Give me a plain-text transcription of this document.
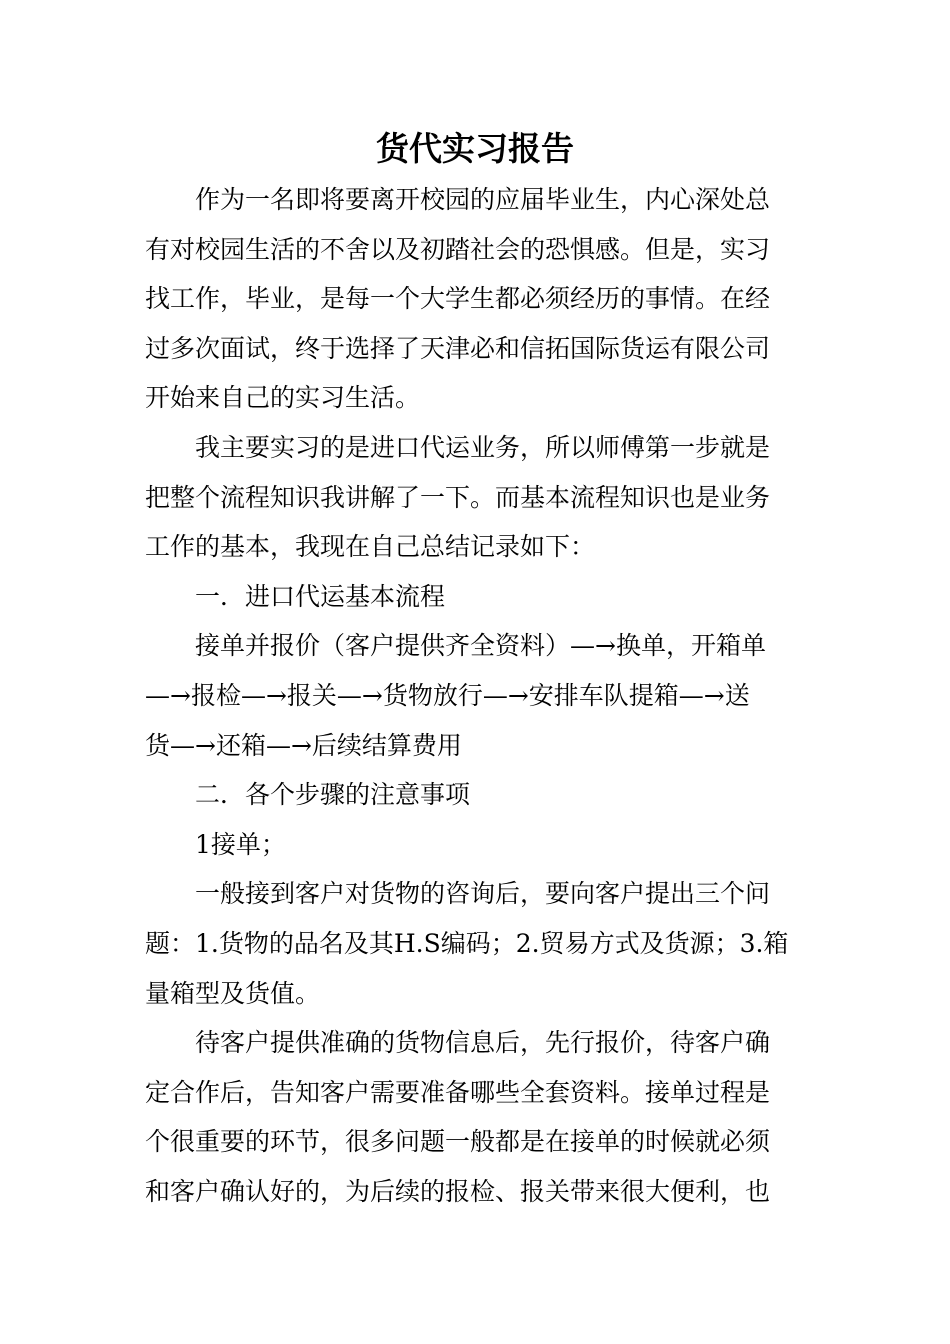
货代实习报告

作为一名即将要离开校园的应届毕业生，内心深处总
有对校园生活的不舍以及初踏社会的恐惧感。但是，实习
找工作，毕业，是每一个大学生都必须经历的事情。在经
过多次面试，终于选择了天津必和信拓国际货运有限公司
开始来自己的实习生活。

我主要实习的是进口代运业务，所以师傅第一步就是
把整个流程知识我讲解了一下。而基本流程知识也是业务
工作的基本，我现在自己总结记录如下：

一．进口代运基本流程

接单并报价（客户提供齐全资料）—→换单，开箱单
—→报检—→报关—→货物放行—→安排车队提箱—→送
货—→还箱—→后续结算费用

二．各个步骤的注意事项

1接单；

一般接到客户对货物的咨询后，要向客户提出三个问
题：1.货物的品名及其H.S编码；2.贸易方式及货源；3.箱
量箱型及货值。

待客户提供准确的货物信息后，先行报价，待客户确
定合作后，告知客户需要准备哪些全套资料。接单过程是
个很重要的环节，很多问题一般都是在接单的时候就必须
和客户确认好的，为后续的报检、报关带来很大便利，也
